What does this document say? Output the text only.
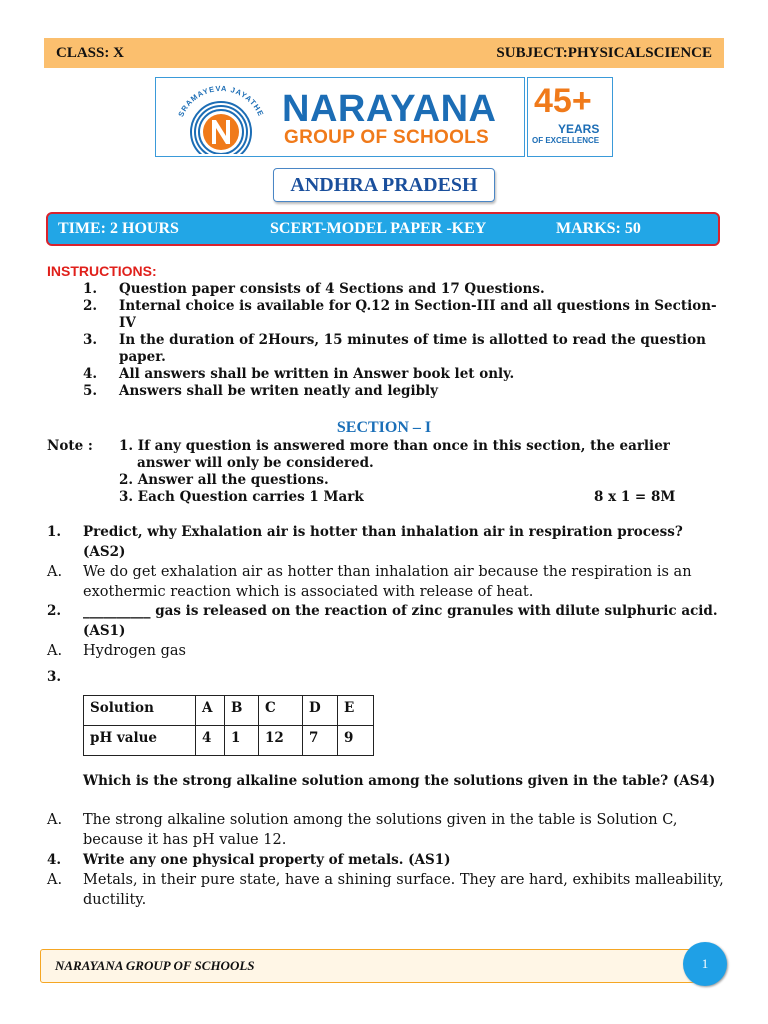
CLASS: X	SUBJECT:PHYSICALSCIENCE
SRAMAYEVA JAYATHE NARAYANA
GROUP OF SCHOOLS
45+
YEARS
OF EXCELLENCE
ANDHRA PRADESH
TIME: 2 HOURS	SCERT-MODEL PAPER -KEY	MARKS: 50
INSTRUCTIONS:
1.	Question paper consists of 4 Sections and 17 Questions.
2.	Internal choice is available for Q.12 in Section-III and all questions in Section-IV
3.	In the duration of 2Hours, 15 minutes of time is allotted to read the question paper.
4.	All answers shall be written in Answer book let only.
5.	Answers shall be writen neatly and legibly
SECTION – I
Note : 1. If any question is answered more than once in this section, the earlier
answer will only be considered.
2. Answer all the questions.
3. Each Question carries 1 Mark	8 x 1 = 8M
1.	Predict, why Exhalation air is hotter than inhalation air in respiration process? (AS2)
A.	We do get exhalation air as hotter than inhalation air because the respiration is an exothermic reaction which is associated with release of heat.
2.	__________ gas is released on the reaction of zinc granules with dilute sulphuric acid. (AS1)
A.	Hydrogen gas
3.
Solution	A	B	C	D	E
pH value	4	1	12	7	9
Which is the strong alkaline solution among the solutions given in the table? (AS4)
A.	The strong alkaline solution among the solutions given in the table is Solution C, because it has pH value 12.
4.	Write any one physical property of metals. (AS1)
A.	Metals, in their pure state, have a shining surface. They are hard, exhibits malleability, ductility.
NARAYANA GROUP OF SCHOOLS	1
